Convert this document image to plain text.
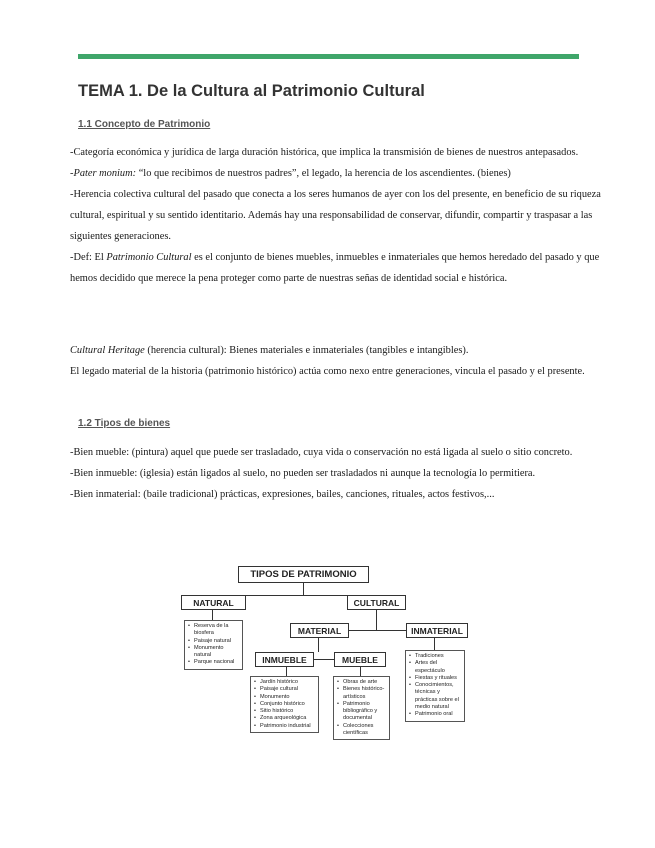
TEMA 1. De la Cultura al Patrimonio Cultural
1.1 Concepto de Patrimonio

-Categoría económica y jurídica de larga duración histórica, que implica la transmisión de bienes de nuestros antepasados.

-Pater monium: “lo que recibimos de nuestros padres”, el legado, la herencia de los ascendientes. (bienes)

-Herencia colectiva cultural del pasado que conecta a los seres humanos de ayer con los del presente, en beneficio de su riqueza cultural, espiritual y su sentido identitario. Además hay una responsabilidad de conservar, difundir, compartir y traspasar a las siguientes generaciones.

-Def: El Patrimonio Cultural es el conjunto de bienes muebles, inmuebles e inmateriales que hemos heredado del pasado y que hemos decidido que merece la pena proteger como parte de nuestras señas de identidad social e histórica.

Cultural Heritage (herencia cultural): Bienes materiales e inmateriales (tangibles e intangibles).

El legado material de la historia (patrimonio histórico) actúa como nexo entre generaciones, vincula el pasado y el presente.

1.2 Tipos de bienes

-Bien mueble: (pintura) aquel que puede ser trasladado, cuya vida o conservación no está ligada al suelo o sitio concreto.

-Bien inmueble: (iglesia) están ligados al suelo, no pueden ser trasladados ni aunque la tecnología lo permitiera.

-Bien inmaterial: (baile tradicional) prácticas, expresiones, bailes, canciones, rituales, actos festivos,...

TIPOS DE PATRIMONIO
NATURAL	CULTURAL
MATERIAL	INMATERIAL
INMUEBLE	MUEBLE
• Reserva de la biosfera
• Paisaje natural
• Monumento natural
• Parque nacional
• Jardín histórico
• Paisaje cultural
• Monumento
• Conjunto histórico
• Sitio histórico
• Zona arqueológica
• Patrimonio industrial
• Obras de arte
• Bienes histórico-artísticos
• Patrimonio bibliográfico y documental
• Colecciones científicas
• Tradiciones
• Artes del espectáculo
• Fiestas y rituales
• Conocimientos, técnicas y prácticas sobre el medio natural
• Patrimonio oral
